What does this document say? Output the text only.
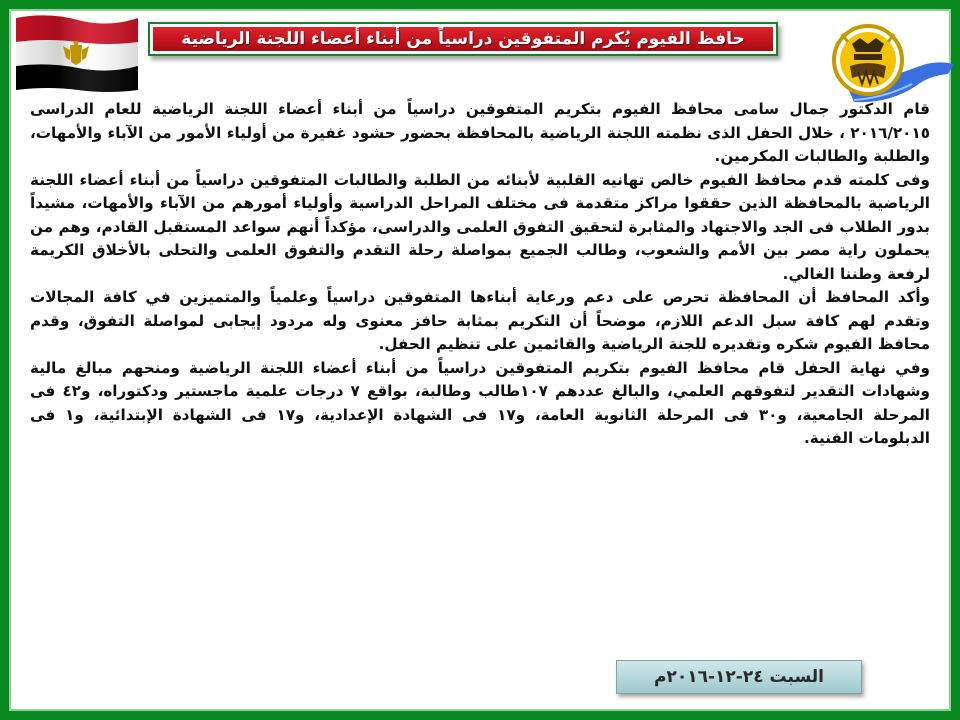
حافظ الفيوم يُكرم المتفوقين دراسياً من أبناء أعضاء اللجنة الرياضية

قام الدكتور جمال سامى محافظ الفيوم بتكريم المتفوقين دراسياً من أبناء أعضاء اللجنة الرياضية للعام الدراسى ٢٠١٦/٢٠١٥ ، خلال الحفل الذى نظمته اللجنة الرياضية بالمحافظة بحضور حشود غفيرة من أولياء الأمور من الآباء والأمهات، والطلبة والطالبات المكرمين.

وفى كلمته قدم محافظ الفيوم خالص تهانيه القلبية لأبنائه من الطلبة والطالبات المتفوقين دراسياً من أبناء أعضاء اللجنة الرياضية بالمحافظة الذين حققوا مراكز متقدمة فى مختلف المراحل الدراسية وأولياء أمورهم من الآباء والأمهات، مشيداً بدور الطلاب فى الجد والاجتهاد والمثابرة لتحقيق التفوق العلمى والدراسى، مؤكداً أنهم سواعد المستقبل القادم، وهم من يحملون راية مصر بين الأمم والشعوب، وطالب الجميع بمواصلة رحلة التقدم والتفوق العلمى والتحلى بالأخلاق الكريمة لرفعة وطننا الغالي.

وأكد المحافظ أن المحافظة تحرص على دعم ورعاية أبناءها المتفوقين دراسياً وعلمياً والمتميزين في كافة المجالات وتقدم لهم كافة سبل الدعم اللازم، موضحاً أن التكريم بمثابة حافز معنوى وله مردود إيجابى لمواصلة التفوق، وقدم محافظ الفيوم شكره وتقديره للجنة الرياضية والقائمين على تنظيم الحفل.

وفي نهاية الحفل قام محافظ الفيوم بتكريم المتفوقين دراسياً من أبناء أعضاء اللجنة الرياضية ومنحهم مبالغ مالية وشهادات التقدير لتفوقهم العلمي، والبالغ عددهم ١٠٧طالب وطالبة، بواقع ٧ درجات علمية ماجستير ودكتوراه، و٤٢ فى المرحلة الجامعية، و٣٠ فى المرحلة الثانوية العامة، و١٧ فى الشهادة الإعدادية، و١٧ فى الشهادة الإبتدائية، و١ فى الدبلومات الفنية.

السبت ٢٤-١٢-٢٠١٦م
